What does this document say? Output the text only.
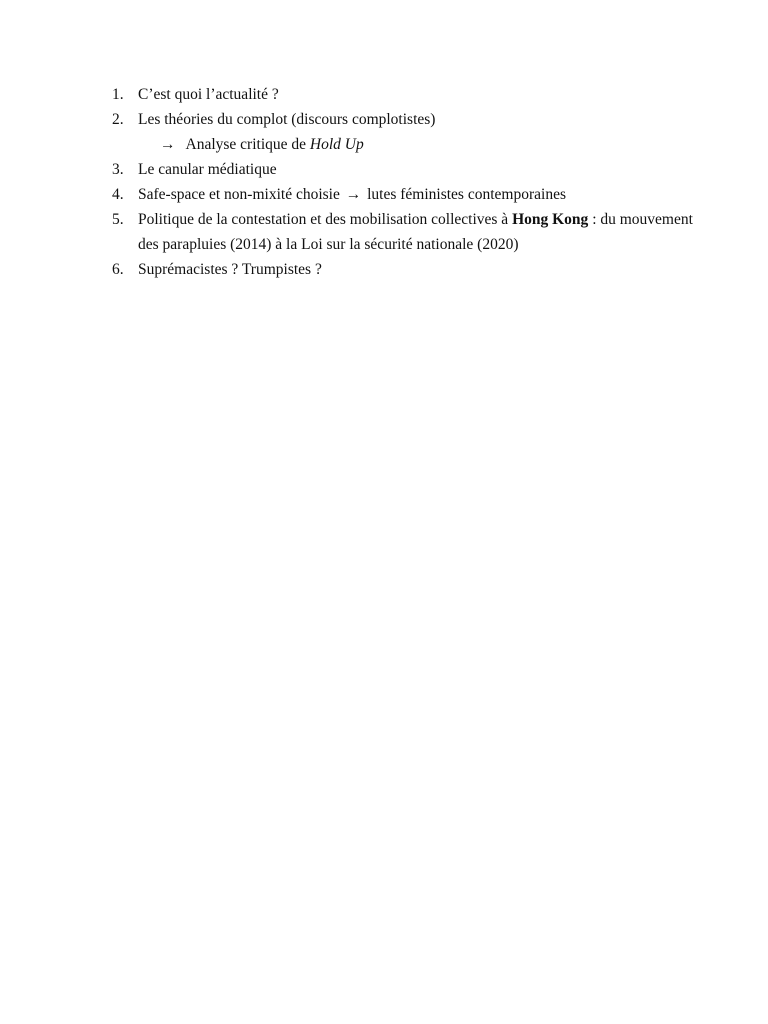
1. C’est quoi l’actualité ?
2. Les théories du complot (discours complotistes)
→ Analyse critique de Hold Up
3. Le canular médiatique
4. Safe-space et non-mixité choisie → lutes féministes contemporaines
5. Politique de la contestation et des mobilisation collectives à Hong Kong : du mouvement des parapluies (2014) à la Loi sur la sécurité nationale (2020)
6. Suprémacistes ? Trumpistes ?
